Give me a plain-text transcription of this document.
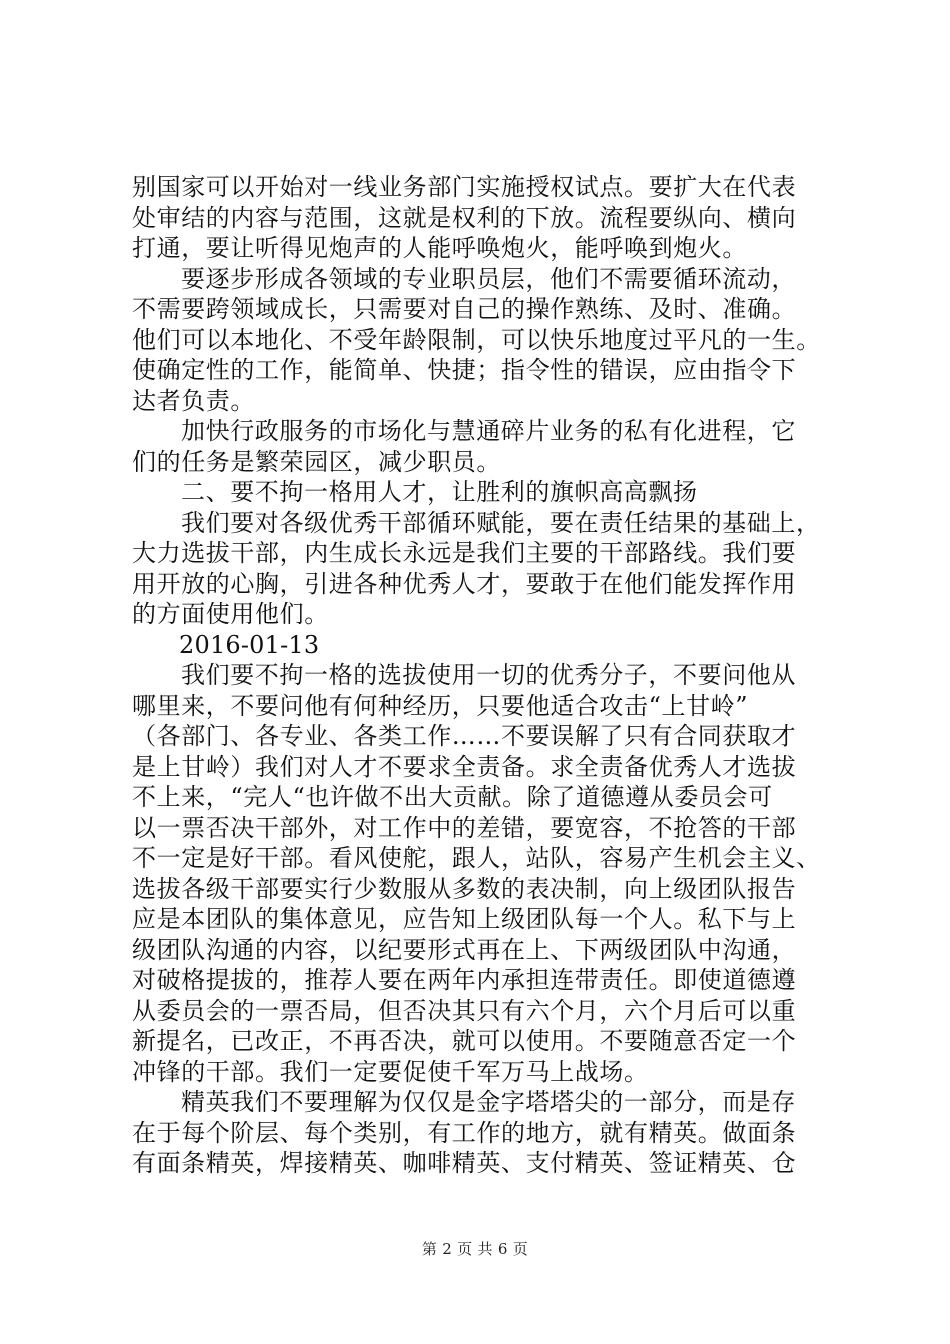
别国家可以开始对一线业务部门实施授权试点。要扩大在代表
处审结的内容与范围，这就是权利的下放。流程要纵向、横向
打通，要让听得见炮声的人能呼唤炮火，能呼唤到炮火。
要逐步形成各领域的专业职员层，他们不需要循环流动，
不需要跨领域成长，只需要对自己的操作熟练、及时、准确。
他们可以本地化、不受年龄限制，可以快乐地度过平凡的一生。
使确定性的工作，能简单、快捷；指令性的错误，应由指令下
达者负责。
加快行政服务的市场化与慧通碎片业务的私有化进程，它
们的任务是繁荣园区，减少职员。
二、要不拘一格用人才，让胜利的旗帜高高飘扬
我们要对各级优秀干部循环赋能，要在责任结果的基础上，
大力选拔干部，内生成长永远是我们主要的干部路线。我们要
用开放的心胸，引进各种优秀人才，要敢于在他们能发挥作用
的方面使用他们。
2016-01-13
我们要不拘一格的选拔使用一切的优秀分子，不要问他从
哪里来，不要问他有何种经历，只要他适合攻击“上甘岭”
（各部门、各专业、各类工作……不要误解了只有合同获取才
是上甘岭）我们对人才不要求全责备。求全责备优秀人才选拔
不上来，“完人“也许做不出大贡献。除了道德遵从委员会可
以一票否决干部外，对工作中的差错，要宽容，不抢答的干部
不一定是好干部。看风使舵，跟人，站队，容易产生机会主义、
选拔各级干部要实行少数服从多数的表决制，向上级团队报告
应是本团队的集体意见，应告知上级团队每一个人。私下与上
级团队沟通的内容，以纪要形式再在上、下两级团队中沟通，
对破格提拔的，推荐人要在两年内承担连带责任。即使道德遵
从委员会的一票否局，但否决其只有六个月，六个月后可以重
新提名，已改正，不再否决，就可以使用。不要随意否定一个
冲锋的干部。我们一定要促使千军万马上战场。
精英我们不要理解为仅仅是金字塔塔尖的一部分，而是存
在于每个阶层、每个类别，有工作的地方，就有精英。做面条
有面条精英，焊接精英、咖啡精英、支付精英、签证精英、仓
第 2 页 共 6 页
